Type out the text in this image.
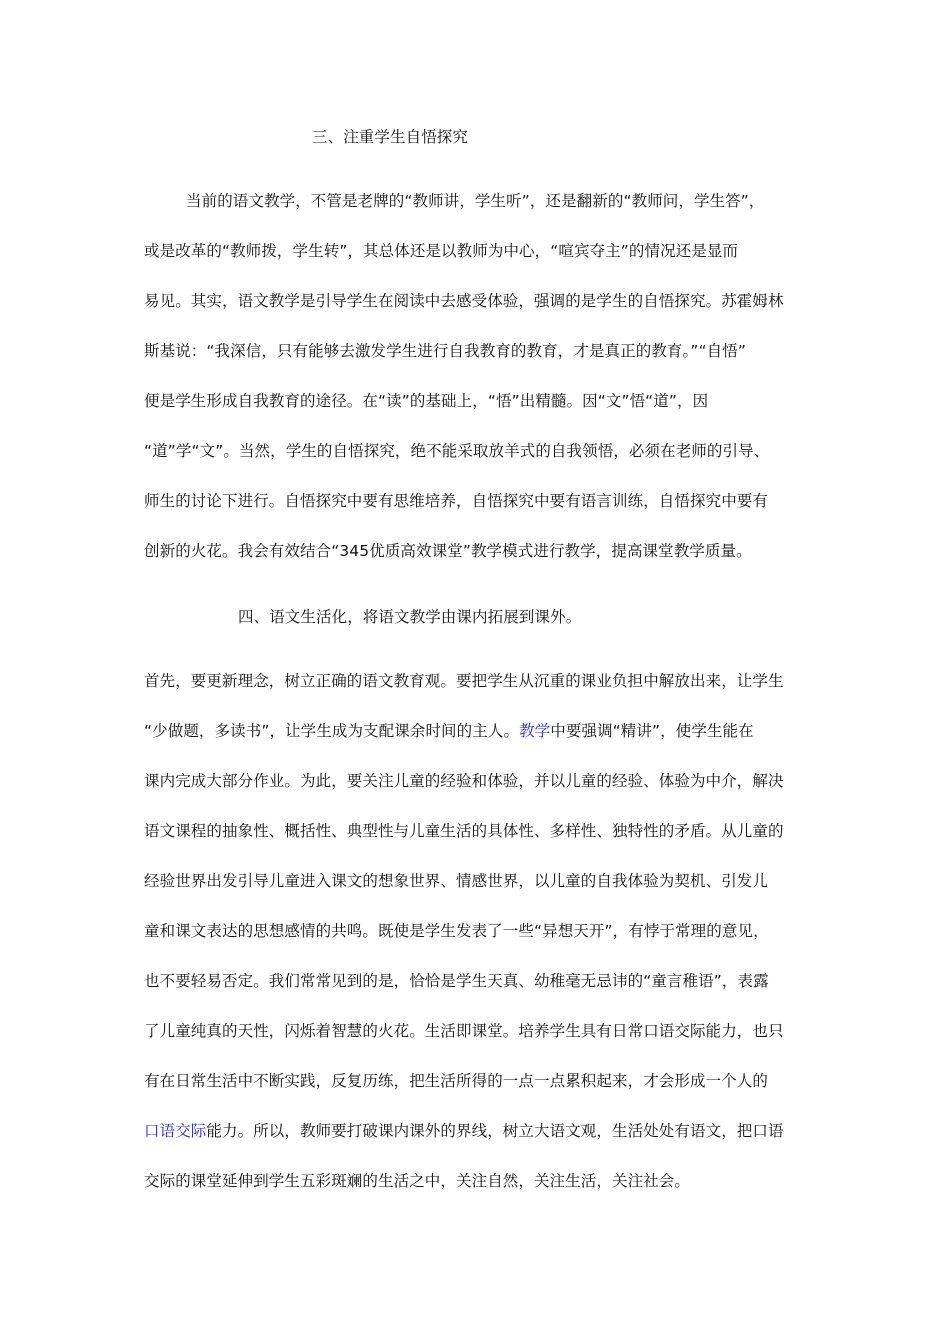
三、注重学生自悟探究
当前的语文教学，不管是老牌的“教师讲，学生听”，还是翻新的“教师问，学生答”，
或是改革的“教师拨，学生转”，其总体还是以教师为中心，“喧宾夺主”的情况还是显而
易见。其实，语文教学是引导学生在阅读中去感受体验，强调的是学生的自悟探究。苏霍姆林
斯基说：“我深信，只有能够去激发学生进行自我教育的教育，才是真正的教育。”“自悟”
便是学生形成自我教育的途径。在“读”的基础上，“悟”出精髓。因“文”悟“道”，因
“道”学“文”。当然，学生的自悟探究，绝不能采取放羊式的自我领悟，必须在老师的引导、
师生的讨论下进行。自悟探究中要有思维培养，自悟探究中要有语言训练，自悟探究中要有
创新的火花。我会有效结合“345优质高效课堂”教学模式进行教学，提高课堂教学质量。
四、语文生活化，将语文教学由课内拓展到课外。
首先，要更新理念，树立正确的语文教育观。要把学生从沉重的课业负担中解放出来，让学生
“少做题，多读书”，让学生成为支配课余时间的主人。教学中要强调“精讲”，使学生能在
课内完成大部分作业。为此，要关注儿童的经验和体验，并以儿童的经验、体验为中介，解决
语文课程的抽象性、概括性、典型性与儿童生活的具体性、多样性、独特性的矛盾。从儿童的
经验世界出发引导儿童进入课文的想象世界、情感世界，以儿童的自我体验为契机、引发儿
童和课文表达的思想感情的共鸣。既使是学生发表了一些“异想天开”，有悖于常理的意见，
也不要轻易否定。我们常常见到的是，恰恰是学生天真、幼稚毫无忌讳的“童言稚语”，表露
了儿童纯真的天性，闪烁着智慧的火花。生活即课堂。培养学生具有日常口语交际能力，也只
有在日常生活中不断实践，反复历练，把生活所得的一点一点累积起来，才会形成一个人的
口语交际能力。所以，教师要打破课内课外的界线，树立大语文观，生活处处有语文，把口语
交际的课堂延伸到学生五彩斑斓的生活之中，关注自然，关注生活，关注社会。
